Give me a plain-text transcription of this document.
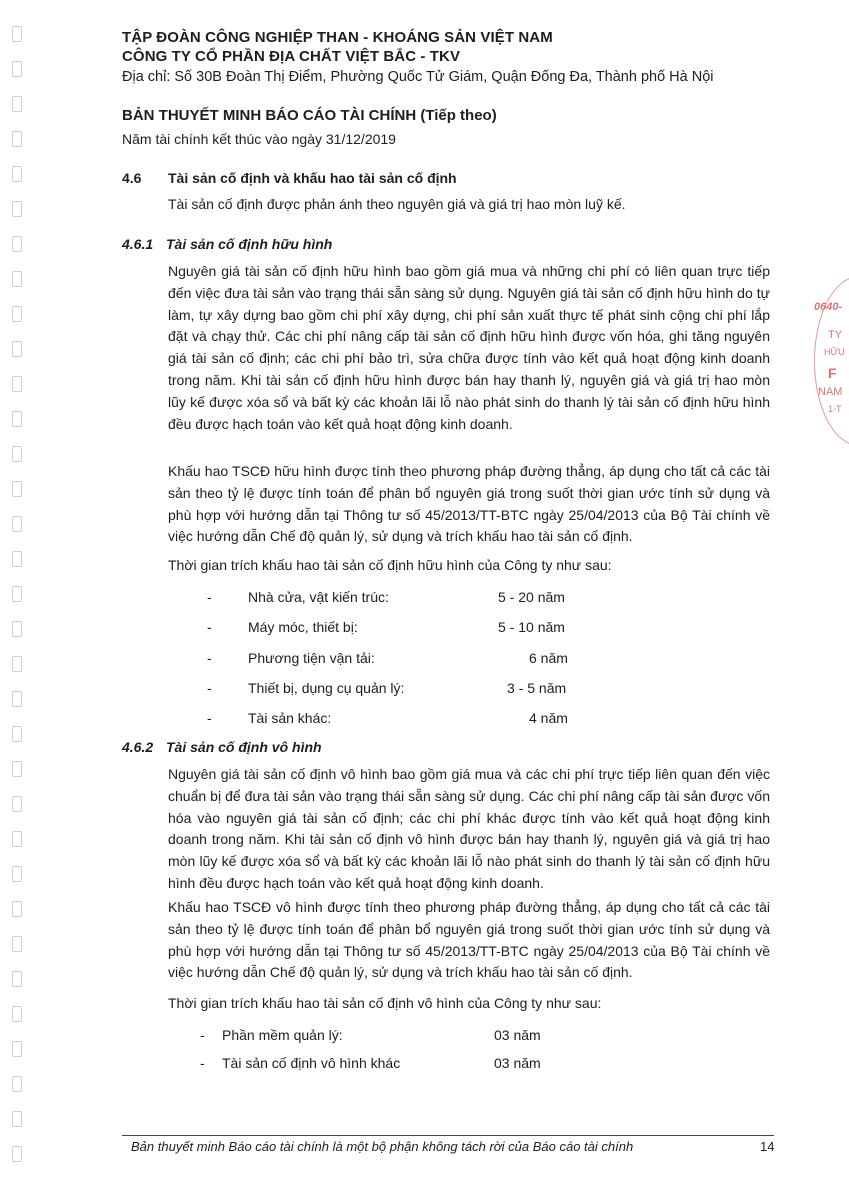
0640-
TY
HỮU
F
NAM
1-T
TẬP ĐOÀN CÔNG NGHIỆP THAN - KHOÁNG SẢN VIỆT NAM
CÔNG TY CỔ PHẦN ĐỊA CHẤT VIỆT BẮC - TKV
Địa chỉ: Số 30B Đoàn Thị Điểm, Phường Quốc Tử Giám, Quận Đống Đa, Thành phố Hà Nội
BẢN THUYẾT MINH BÁO CÁO TÀI CHÍNH (Tiếp theo)
Năm tài chính kết thúc vào ngày 31/12/2019
4.6 Tài sản cố định và khấu hao tài sản cố định
Tài sản cố định được phản ánh theo nguyên giá và giá trị hao mòn luỹ kế.
4.6.1 Tài sản cố định hữu hình
Nguyên giá tài sản cố định hữu hình bao gồm giá mua và những chi phí có liên quan trực tiếp đến việc đưa tài sản vào trạng thái sẵn sàng sử dụng. Nguyên giá tài sản cố định hữu hình do tự làm, tự xây dựng bao gồm chi phí xây dựng, chi phí sản xuất thực tế phát sinh cộng chi phí lắp đặt và chạy thử. Các chi phí nâng cấp tài sản cố định hữu hình được vốn hóa, ghi tăng nguyên giá tài sản cố định; các chi phí bảo trì, sửa chữa được tính vào kết quả hoạt động kinh doanh trong năm. Khi tài sản cố định hữu hình được bán hay thanh lý, nguyên giá và giá trị hao mòn lũy kế được xóa sổ và bất kỳ các khoản lãi lỗ nào phát sinh do thanh lý tài sản cố định hữu hình đều được hạch toán vào kết quả hoạt động kinh doanh.
Khấu hao TSCĐ hữu hình được tính theo phương pháp đường thẳng, áp dụng cho tất cả các tài sản theo tỷ lệ được tính toán để phân bổ nguyên giá trong suốt thời gian ước tính sử dụng và phù hợp với hướng dẫn tại Thông tư số 45/2013/TT-BTC ngày 25/04/2013 của Bộ Tài chính về việc hướng dẫn Chế độ quản lý, sử dụng và trích khấu hao tài sản cố định.
Thời gian trích khấu hao tài sản cố định hữu hình của Công ty như sau:
-	Nhà cửa, vật kiến trúc:	5 - 20 năm
-	Máy móc, thiết bị:	5 - 10 năm
-	Phương tiện vận tải:	6 năm
-	Thiết bị, dụng cụ quản lý:	3 - 5 năm
-	Tài sản khác:	4 năm
4.6.2 Tài sản cố định vô hình
Nguyên giá tài sản cố định vô hình bao gồm giá mua và các chi phí trực tiếp liên quan đến việc chuẩn bị để đưa tài sản vào trạng thái sẵn sàng sử dụng. Các chi phí nâng cấp tài sản được vốn hóa vào nguyên giá tài sản cố định; các chi phí khác được tính vào kết quả hoạt động kinh doanh trong năm. Khi tài sản cố định vô hình được bán hay thanh lý, nguyên giá và giá trị hao mòn lũy kế được xóa sổ và bất kỳ các khoản lãi lỗ nào phát sinh do thanh lý tài sản cố định hữu hình đều được hạch toán vào kết quả hoạt động kinh doanh.
Khấu hao TSCĐ vô hình được tính theo phương pháp đường thẳng, áp dụng cho tất cả các tài sản theo tỷ lệ được tính toán để phân bổ nguyên giá trong suốt thời gian ước tính sử dụng và phù hợp với hướng dẫn tại Thông tư số 45/2013/TT-BTC ngày 25/04/2013 của Bộ Tài chính về việc hướng dẫn Chế độ quản lý, sử dụng và trích khấu hao tài sản cố định.
Thời gian trích khấu hao tài sản cố định vô hình của Công ty như sau:
- Phần mềm quản lý:	03 năm
- Tài sản cố định vô hình khác	03 năm
Bản thuyết minh Báo cáo tài chính là một bộ phận không tách rời của Báo cáo tài chính	14
